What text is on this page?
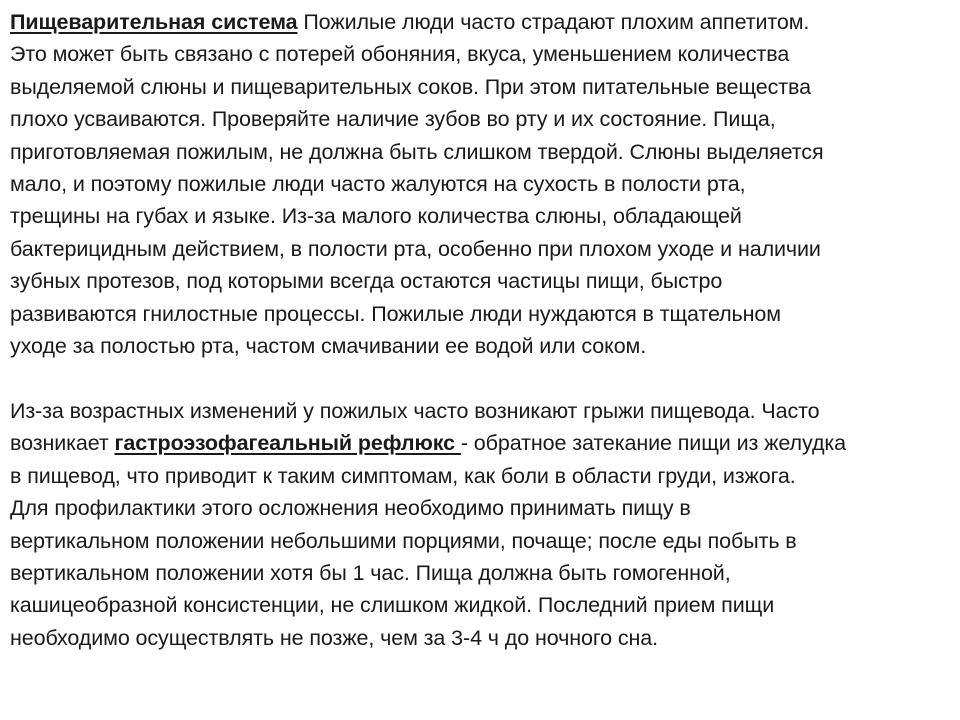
Пищеварительная система Пожилые люди часто страдают плохим аппетитом.
Это может быть связано с потерей обоняния, вкуса, уменьшением количества
выделяемой слюны и пищеварительных соков. При этом питательные вещества
плохо усваиваются. Проверяйте наличие зубов во рту и их состояние. Пища,
приготовляемая пожилым, не должна быть слишком твердой. Слюны выделяется
мало, и поэтому пожилые люди часто жалуются на сухость в полости рта,
трещины на губах и языке. Из-за малого количества слюны, обладающей
бактерицидным действием, в полости рта, особенно при плохом уходе и наличии
зубных протезов, под которыми всегда остаются частицы пищи, быстро
развиваются гнилостные процессы. Пожилые люди нуждаются в тщательном
уходе за полостью рта, частом смачивании ее водой или соком.
Из-за возрастных изменений у пожилых часто возникают грыжи пищевода. Часто
возникает гастроэзофагеальный рефлюкс - обратное затекание пищи из желудка
в пищевод, что приводит к таким симптомам, как боли в области груди, изжога.
Для профилактики этого осложнения необходимо принимать пищу в
вертикальном положении небольшими порциями, почаще; после еды побыть в
вертикальном положении хотя бы 1 час. Пища должна быть гомогенной,
кашицеобразной консистенции, не слишком жидкой. Последний прием пищи
необходимо осуществлять не позже, чем за 3-4 ч до ночного сна.
